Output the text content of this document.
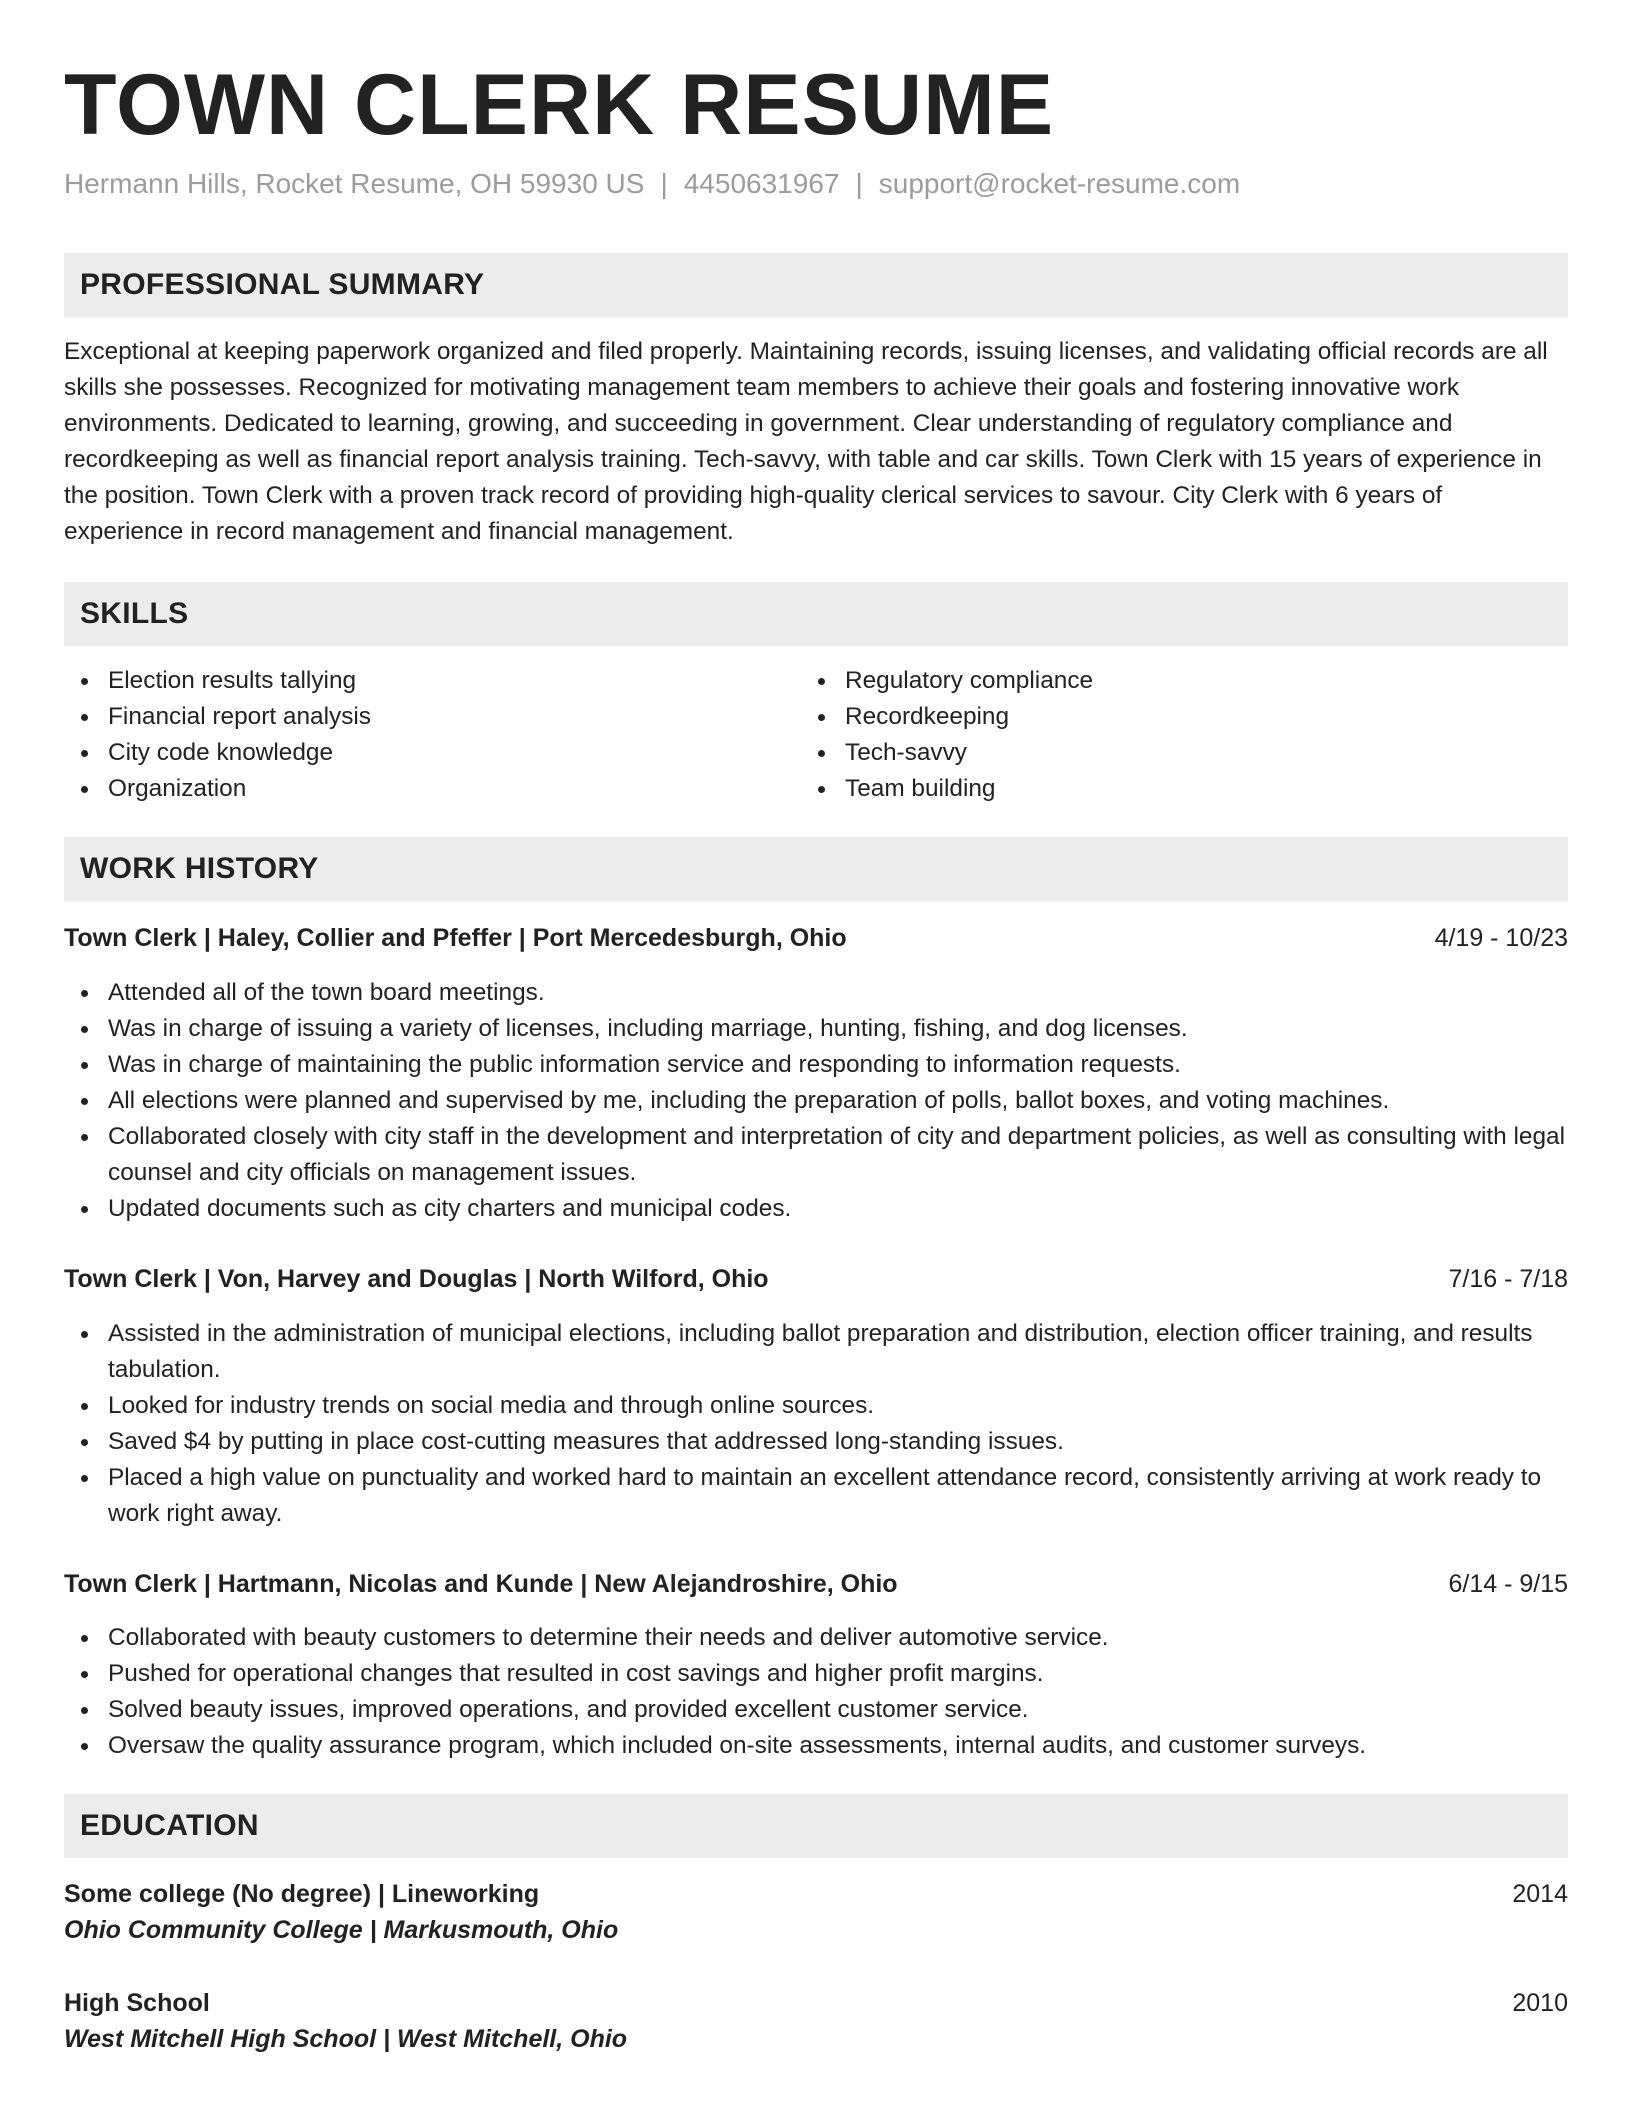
TOWN CLERK RESUME
Hermann Hills, Rocket Resume, OH 59930 US | 4450631967 | support@rocket-resume.com
PROFESSIONAL SUMMARY

Exceptional at keeping paperwork organized and filed properly. Maintaining records, issuing licenses, and validating official records are all skills she possesses. Recognized for motivating management team members to achieve their goals and fostering innovative work environments. Dedicated to learning, growing, and succeeding in government. Clear understanding of regulatory compliance and recordkeeping as well as financial report analysis training. Tech-savvy, with table and car skills. Town Clerk with 15 years of experience in the position. Town Clerk with a proven track record of providing high-quality clerical services to savour. City Clerk with 6 years of experience in record management and financial management.

SKILLS
Election results tallying
Financial report analysis
City code knowledge
Organization
Regulatory compliance
Recordkeeping
Tech-savvy
Team building
WORK HISTORY
Town Clerk | Haley, Collier and Pfeffer | Port Mercedesburgh, Ohio	4/19 - 10/23
Attended all of the town board meetings.
Was in charge of issuing a variety of licenses, including marriage, hunting, fishing, and dog licenses.
Was in charge of maintaining the public information service and responding to information requests.
All elections were planned and supervised by me, including the preparation of polls, ballot boxes, and voting machines.
Collaborated closely with city staff in the development and interpretation of city and department policies, as well as consulting with legal counsel and city officials on management issues.
Updated documents such as city charters and municipal codes.
Town Clerk | Von, Harvey and Douglas | North Wilford, Ohio	7/16 - 7/18
Assisted in the administration of municipal elections, including ballot preparation and distribution, election officer training, and results tabulation.
Looked for industry trends on social media and through online sources.
Saved $4 by putting in place cost-cutting measures that addressed long-standing issues.
Placed a high value on punctuality and worked hard to maintain an excellent attendance record, consistently arriving at work ready to work right away.
Town Clerk | Hartmann, Nicolas and Kunde | New Alejandroshire, Ohio	6/14 - 9/15
Collaborated with beauty customers to determine their needs and deliver automotive service.
Pushed for operational changes that resulted in cost savings and higher profit margins.
Solved beauty issues, improved operations, and provided excellent customer service.
Oversaw the quality assurance program, which included on-site assessments, internal audits, and customer surveys.
EDUCATION
Some college (No degree) | Lineworking	2014
Ohio Community College | Markusmouth, Ohio
High School	2010
West Mitchell High School | West Mitchell, Ohio
